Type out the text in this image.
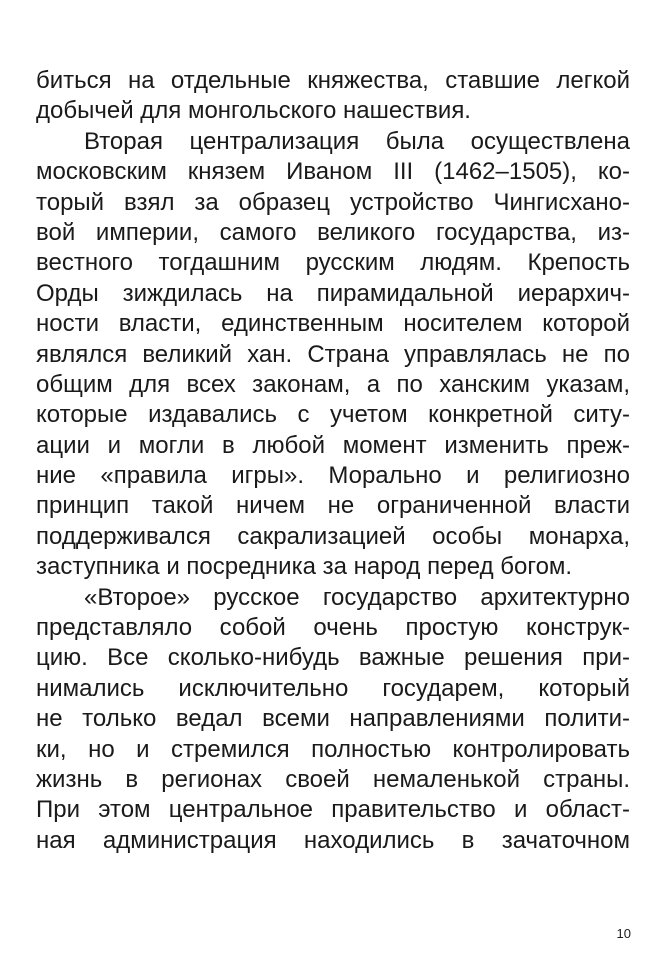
биться на отдельные княжества, ставшие легкой
добычей для монгольского нашествия.
Вторая централизация была осуществлена
московским князем Иваном III (1462–1505), ко-
торый взял за образец устройство Чингисхано-
вой империи, самого великого государства, из-
вестного тогдашним русским людям. Крепость
Орды зиждилась на пирамидальной иерархич-
ности власти, единственным носителем которой
являлся великий хан. Страна управлялась не по
общим для всех законам, а по ханским указам,
которые издавались с учетом конкретной ситу-
ации и могли в любой момент изменить преж-
ние «правила игры». Морально и религиозно
принцип такой ничем не ограниченной власти
поддерживался сакрализацией особы монарха,
заступника и посредника за народ перед богом.
«Второе» русское государство архитектурно
представляло собой очень простую конструк-
цию. Все сколько-нибудь важные решения при-
нимались исключительно государем, который
не только ведал всеми направлениями полити-
ки, но и стремился полностью контролировать
жизнь в регионах своей немаленькой страны.
При этом центральное правительство и област-
ная администрация находились в зачаточном
10
